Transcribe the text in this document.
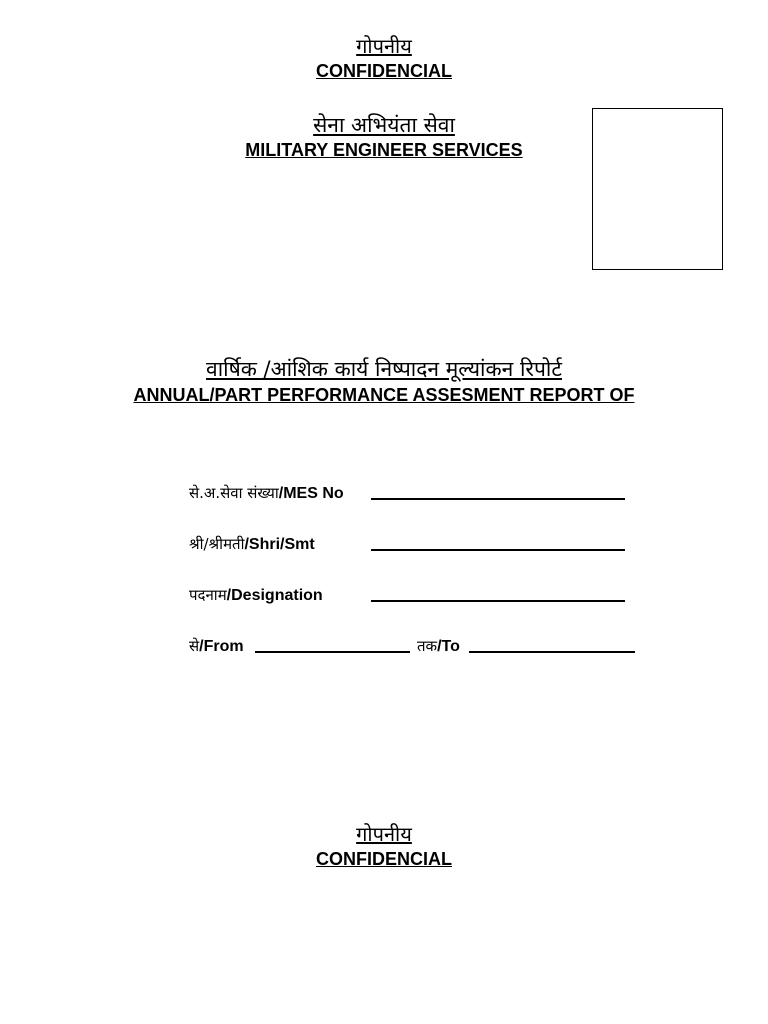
गोपनीय
CONFIDENCIAL
सेना अभियंता सेवा
MILITARY ENGINEER SERVICES
वार्षिक /आंशिक कार्य निष्पादन मूल्यांकन रिपोर्ट
ANNUAL/PART PERFORMANCE ASSESMENT REPORT OF
से.अ.सेवा संख्या/MES No
श्री/श्रीमती/Shri/Smt
पदनाम/Designation
से/From	तक/To
गोपनीय
CONFIDENCIAL
